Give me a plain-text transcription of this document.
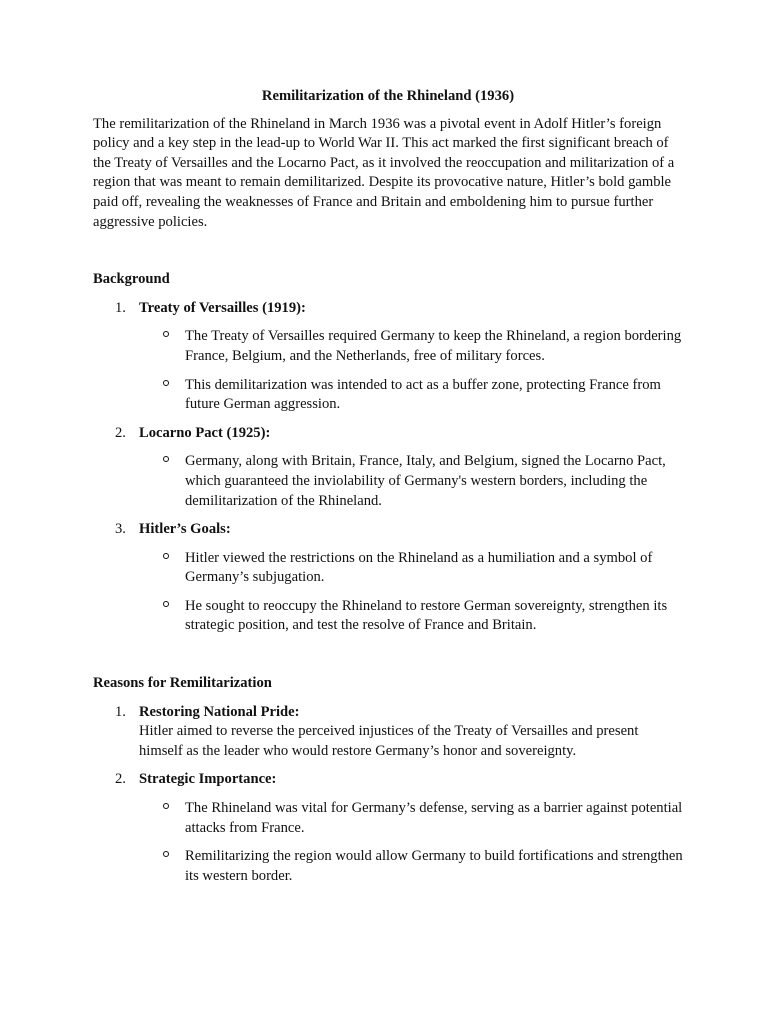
Remilitarization of the Rhineland (1936)

The remilitarization of the Rhineland in March 1936 was a pivotal event in Adolf Hitler’s foreign policy and a key step in the lead-up to World War II. This act marked the first significant breach of the Treaty of Versailles and the Locarno Pact, as it involved the reoccupation and militarization of a region that was meant to remain demilitarized. Despite its provocative nature, Hitler’s bold gamble paid off, revealing the weaknesses of France and Britain and emboldening him to pursue further aggressive policies.

Background
1. Treaty of Versailles (1919):
The Treaty of Versailles required Germany to keep the Rhineland, a region bordering France, Belgium, and the Netherlands, free of military forces.
This demilitarization was intended to act as a buffer zone, protecting France from future German aggression.
2. Locarno Pact (1925):
Germany, along with Britain, France, Italy, and Belgium, signed the Locarno Pact, which guaranteed the inviolability of Germany's western borders, including the demilitarization of the Rhineland.
3. Hitler’s Goals:
Hitler viewed the restrictions on the Rhineland as a humiliation and a symbol of Germany’s subjugation.
He sought to reoccupy the Rhineland to restore German sovereignty, strengthen its strategic position, and test the resolve of France and Britain.
Reasons for Remilitarization
1. Restoring National Pride:
Hitler aimed to reverse the perceived injustices of the Treaty of Versailles and present himself as the leader who would restore Germany’s honor and sovereignty.
2. Strategic Importance:
The Rhineland was vital for Germany’s defense, serving as a barrier against potential attacks from France.
Remilitarizing the region would allow Germany to build fortifications and strengthen its western border.
